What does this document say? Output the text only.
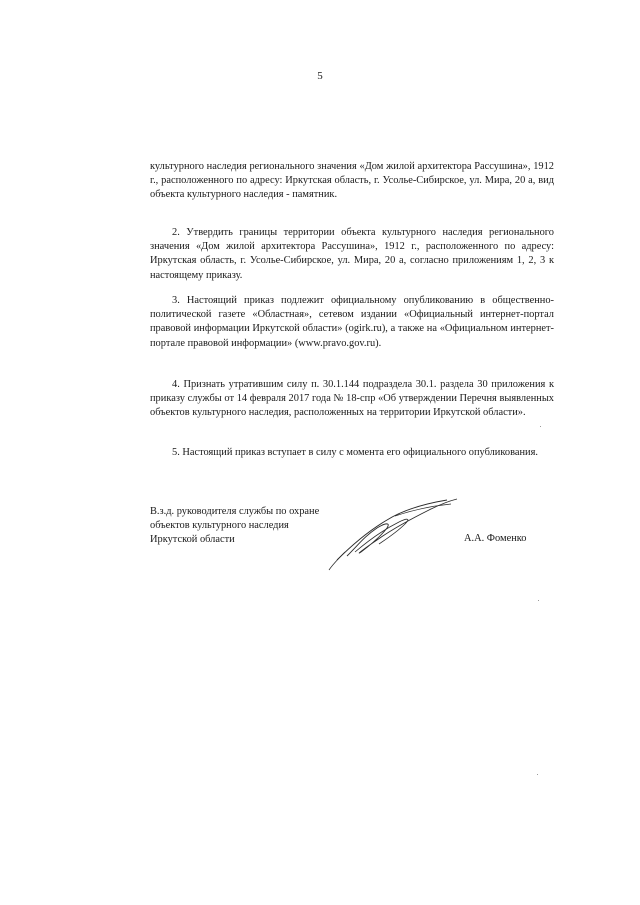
5

культурного наследия регионального значения «Дом жилой архитектора Рассушина», 1912 г., расположенного по адресу: Иркутская область, г. Усолье-Сибирское, ул. Мира, 20 а, вид объекта культурного наследия - памятник.

2. Утвердить границы территории объекта культурного наследия регионального значения «Дом жилой архитектора Рассушина», 1912 г., расположенного по адресу: Иркутская область, г. Усолье-Сибирское, ул. Мира, 20 а, согласно приложениям 1, 2, 3 к настоящему приказу.

3. Настоящий приказ подлежит официальному опубликованию в общественно-политической газете «Областная», сетевом издании «Официальный интернет-портал правовой информации Иркутской области» (ogirk.ru), а также на «Официальном интернет-портале правовой информации» (www.pravo.gov.ru).

4. Признать утратившим силу п. 30.1.144 подраздела 30.1. раздела 30 приложения к приказу службы от 14 февраля 2017 года № 18-спр «Об утверждении Перечня выявленных объектов культурного наследия, расположенных на территории Иркутской области».

5. Настоящий приказ вступает в силу с момента его официального опубликования.

В.з.д. руководителя службы по охране
объектов культурного наследия
Иркутской области	А.А. Фоменко
